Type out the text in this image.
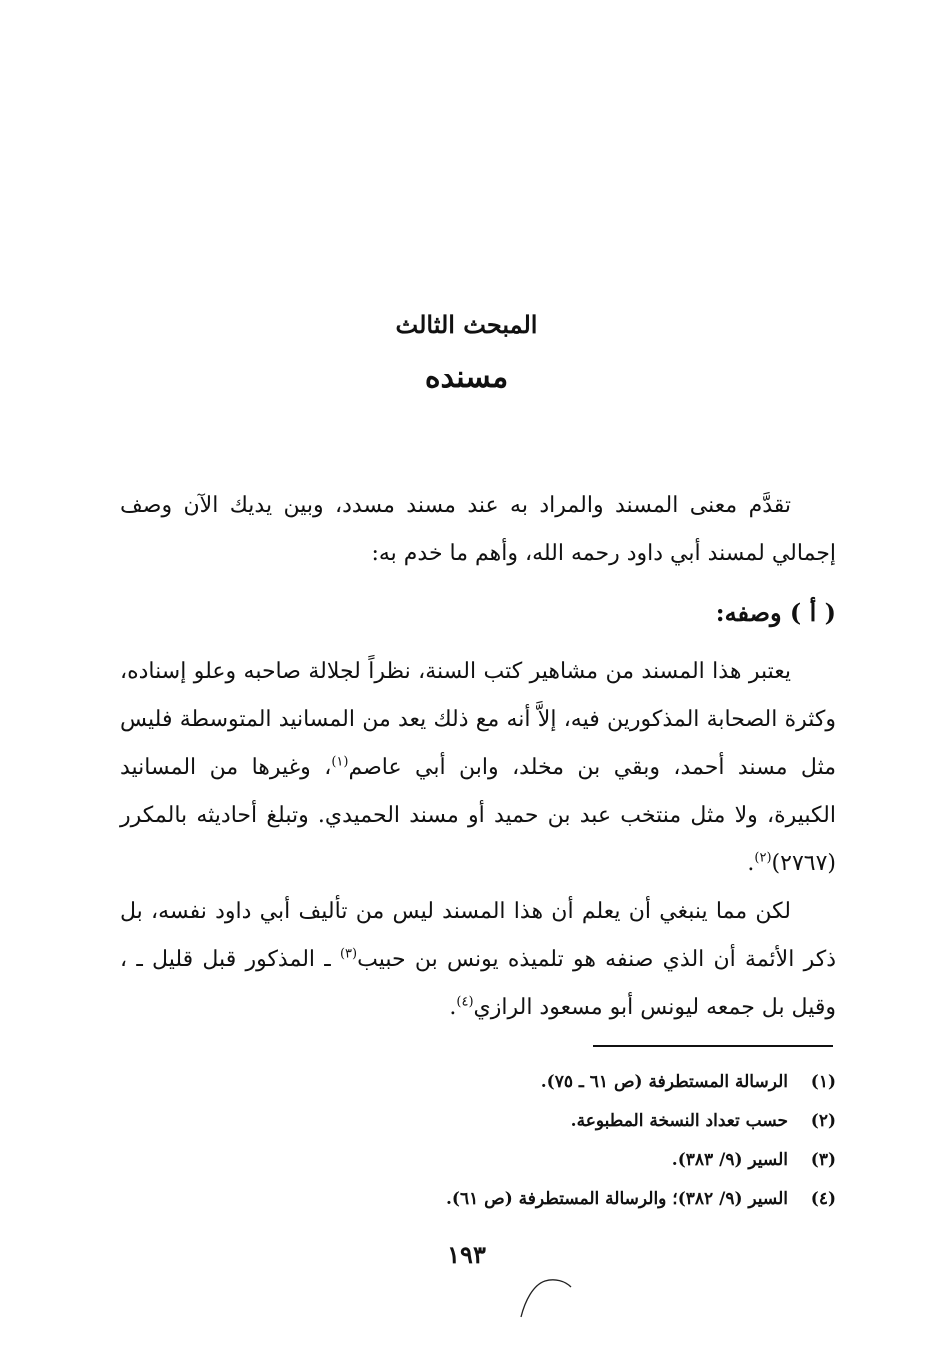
المبحث الثالث
مسنده

تقدَّم معنى المسند والمراد به عند مسند مسدد، وبين يديك الآن وصف إجمالي لمسند أبي داود رحمه الله، وأهم ما خدم به:

( أ ) وصفه:

يعتبر هذا المسند من مشاهير كتب السنة، نظراً لجلالة صاحبه وعلو إسناده، وكثرة الصحابة المذكورين فيه، إلاَّ أنه مع ذلك يعد من المسانيد المتوسطة فليس مثل مسند أحمد، وبقي بن مخلد، وابن أبي عاصم$^{(١)}$، وغيرها من المسانيد الكبيرة، ولا مثل منتخب عبد بن حميد أو مسند الحميدي. وتبلغ أحاديثه بالمكرر (٢٧٦٧)$^{(٢)}$.

لكن مما ينبغي أن يعلم أن هذا المسند ليس من تأليف أبي داود نفسه، بل ذكر الأئمة أن الذي صنفه هو تلميذه يونس بن حبيب$^{(٣)}$ ـ المذكور قبل قليل ـ ، وقيل بل جمعه ليونس أبو مسعود الرازي$^{(٤)}$.

(١)الرسالة المستطرفة (ص ٦١ ـ ٧٥).
(٢)حسب تعداد النسخة المطبوعة.
(٣)السير (٩/ ٣٨٣).
(٤)السير (٩/ ٣٨٢)؛ والرسالة المستطرفة (ص ٦١).
١٩٣
